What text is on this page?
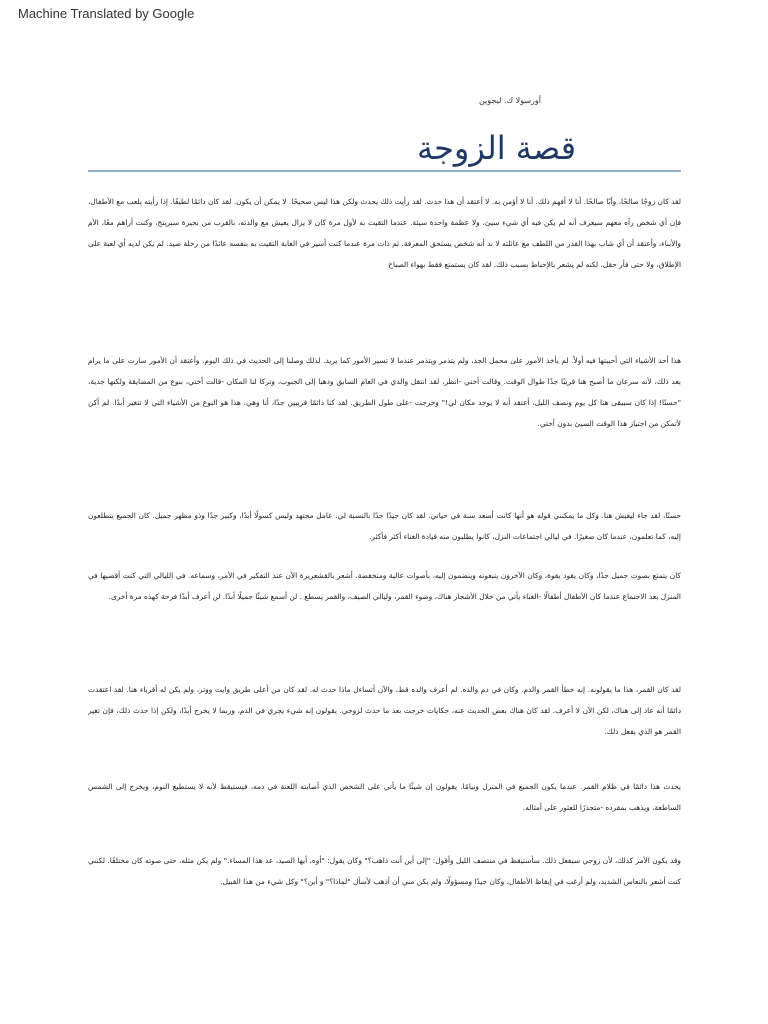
Machine Translated by Google
أورسولا ك. ليجوين
قصة الزوجة
لقد كان زوجًا صالحًا، وأبًا صالحًا. أنا لا أفهم ذلك. أنا لا أؤمن به. لا أعتقد أن هذا حدث. لقد رأيت ذلك يحدث ولكن هذا ليس صحيحًا. لا يمكن أن يكون. لقد كان دائمًا لطيفًا. إذا رأيته يلعب مع الأطفال، فإن أي شخص رآه معهم سيعرف أنه لم يكن فيه أي شيء سيئ، ولا عظمة واحدة سيئة. عندما التقيت به لأول مرة كان لا يزال يعيش مع والدته، بالقرب من بحيرة سبرينج، وكنت أراهم معًا، الأم والأبناء، وأعتقد أن أي شاب بهذا القدر من اللطف مع عائلته لا بد أنه شخص يستحق المعرفة. ثم ذات مرة عندما كنت أسير في الغابة التقيت به بنفسه عائدًا من رحلة صيد. لم يكن لديه أي لعبة على الإطلاق، ولا حتى فأر حقل، لكنه لم يشعر بالإحباط بسبب ذلك. لقد كان يستمتع فقط بهواء الصباح
هذا أحد الأشياء التي أحببتها فيه أولاً. لم يأخذ الأمور على محمل الجد، ولم يتذمر ويتذمر عندما لا تسير الأمور كما يريد. لذلك وصلنا إلى الحديث في ذلك اليوم. وأعتقد أن الأمور سارت على ما يرام بعد ذلك، لأنه سرعان ما أصبح هنا قريبًا جدًا طوال الوقت. وقالت أختي -انظر، لقد انتقل والدي في العام السابق وذهبا إلى الجنوب، وتركا لنا المكان -قالت أختي، بنوع من المضايقة ولكنها جدية، "حسنًا! إذا كان سيبقى هنا كل يوم ونصف الليل، أعتقد أنه لا يوجد مكان لي!" وخرجت -على طول الطريق. لقد كنا دائمًا قريبين جدًا، أنا وهي. هذا هو النوع من الأشياء التي لا تتغير أبدًا. لم أكن لأتمكن من اجتياز هذا الوقت السيئ بدون أختي.
حسنًا، لقد جاء ليعيش هنا. وكل ما يمكنني قوله هو أنها كانت أسعد سنة في حياتي. لقد كان جيدًا جدًا بالنسبة لي. عامل مجتهد وليس كسولًا أبدًا، وكبير جدًا وذو مظهر جميل. كان الجميع يتطلعون إليه، كما تعلمون، عندما كان صغيرًا. في ليالي اجتماعات النزل، كانوا يطلبون منه قيادة الغناء أكثر فأكثر.
كان يتمتع بصوت جميل جدًا، وكان يقود بقوة، وكان الآخرون يتبعونه وينضمون إليه، بأصوات عالية ومنخفضة. أشعر بالقشعريرة الآن عند التفكير في الأمر، وسماعه. في الليالي التي كنت أقضيها في المنزل بعد الاجتماع عندما كان الأطفال أطفالًا -الغناء يأتي من خلال الأشجار هناك، وضوء القمر، وليالي الصيف، والقمر يسطع . لن أسمع شيئًا جميلًا أبدًا. لن أعرف أبدًا فرحة كهذه مرة أخرى.
لقد كان القمر، هذا ما يقولونه. إنه خطأ القمر والدم. وكان في دم والده. لم أعرف والده قط، والآن أتساءل ماذا حدث له. لقد كان من أعلى طريق وايت ووتر، ولم يكن له أقرباء هنا. لقد اعتقدت دائمًا أنه عاد إلى هناك، لكن الآن لا أعرف. لقد كان هناك بعض الحديث عنه، حكايات خرجت بعد ما حدث لزوجي. يقولون إنه شيء يجري في الدم، وربما لا يخرج أبدًا، ولكن إذا حدث ذلك، فإن تغير القمر هو الذي يفعل ذلك.
يحدث هذا دائمًا في ظلام القمر. عندما يكون الجميع في المنزل ونيامًا. يقولون إن شيئًا ما يأتي على الشخص الذي أصابته اللعنة في دمه، فيستيقظ لأنه لا يستطيع النوم، ويخرج إلى الشمس الساطعة، ويذهب بمفرده -متجذرًا للعثور على أمثاله.
وقد يكون الأمر كذلك، لأن زوجي سيفعل ذلك. سأستيقظ في منتصف الليل وأقول: "إلى أين أنت ذاهب؟" وكان يقول: "أوه، أيها الصيد، عد هذا المساء." ولم يكن مثله، حتى صوته كان مختلفًا. لكنني كنت أشعر بالنعاس الشديد، ولم أرغب في إيقاظ الأطفال، وكان جيدًا ومسؤولًا، ولم يكن مني أن أذهب لأسأل "لماذا؟" و أين؟" وكل شيء من هذا القبيل.
